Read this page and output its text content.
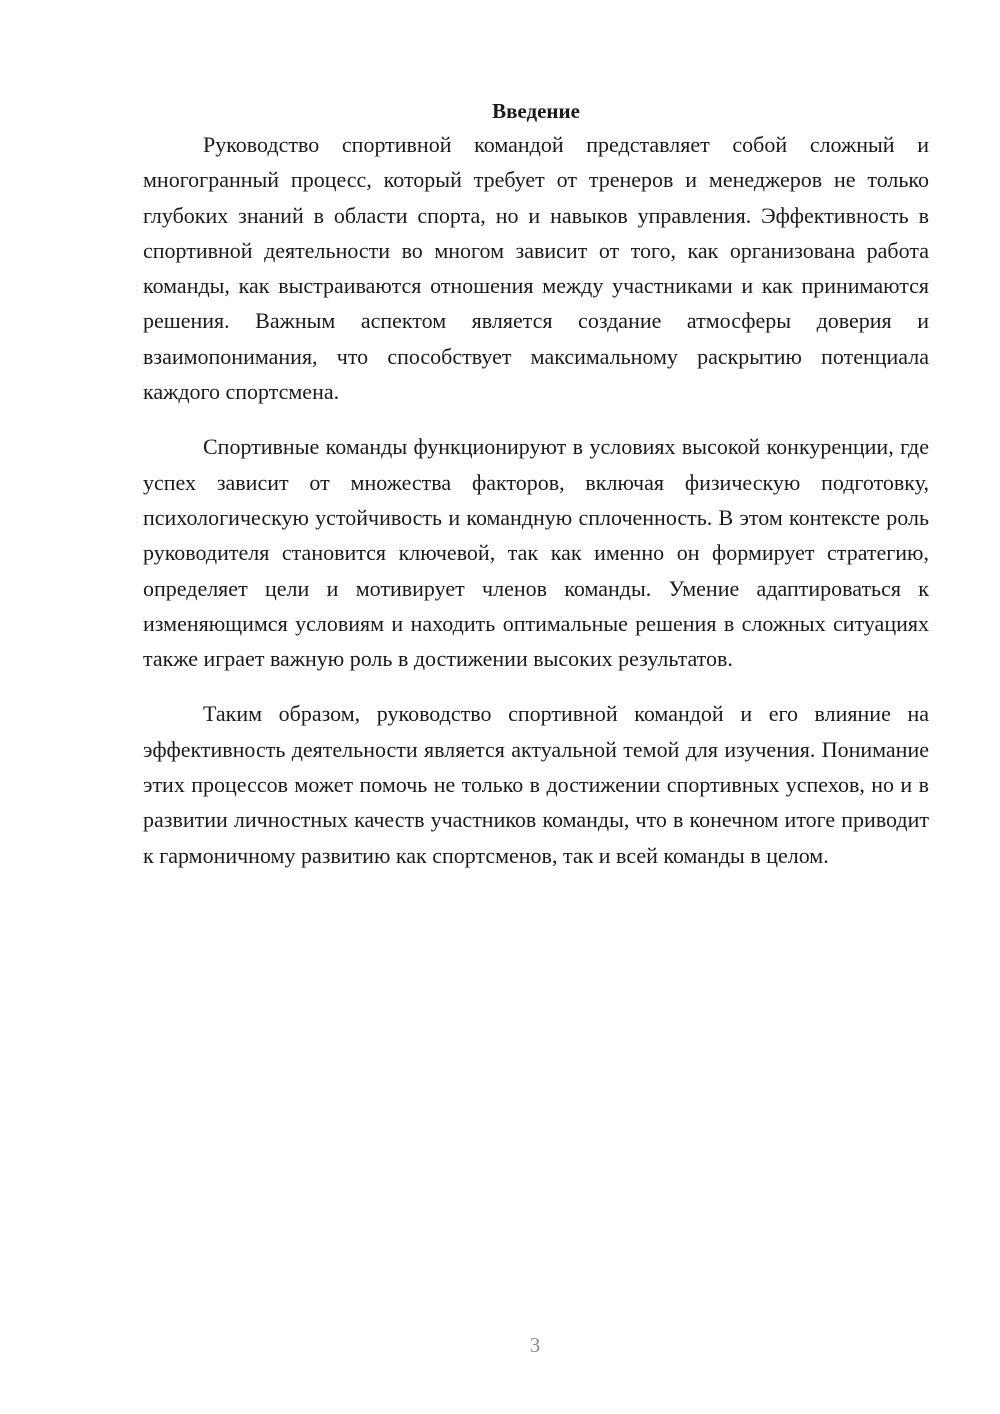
Введение

Руководство спортивной командой представляет собой сложный и многогранный процесс, который требует от тренеров и менеджеров не только глубоких знаний в области спорта, но и навыков управления. Эффективность в спортивной деятельности во многом зависит от того, как организована работа команды, как выстраиваются отношения между участниками и как принимаются решения. Важным аспектом является создание атмосферы доверия и взаимопонимания, что способствует максимальному раскрытию потенциала каждого спортсмена.

Спортивные команды функционируют в условиях высокой конкуренции, где успех зависит от множества факторов, включая физическую подготовку, психологическую устойчивость и командную сплоченность. В этом контексте роль руководителя становится ключевой, так как именно он формирует стратегию, определяет цели и мотивирует членов команды. Умение адаптироваться к изменяющимся условиям и находить оптимальные решения в сложных ситуациях также играет важную роль в достижении высоких результатов.

Таким образом, руководство спортивной командой и его влияние на эффективность деятельности является актуальной темой для изучения. Понимание этих процессов может помочь не только в достижении спортивных успехов, но и в развитии личностных качеств участников команды, что в конечном итоге приводит к гармоничному развитию как спортсменов, так и всей команды в целом.

3
